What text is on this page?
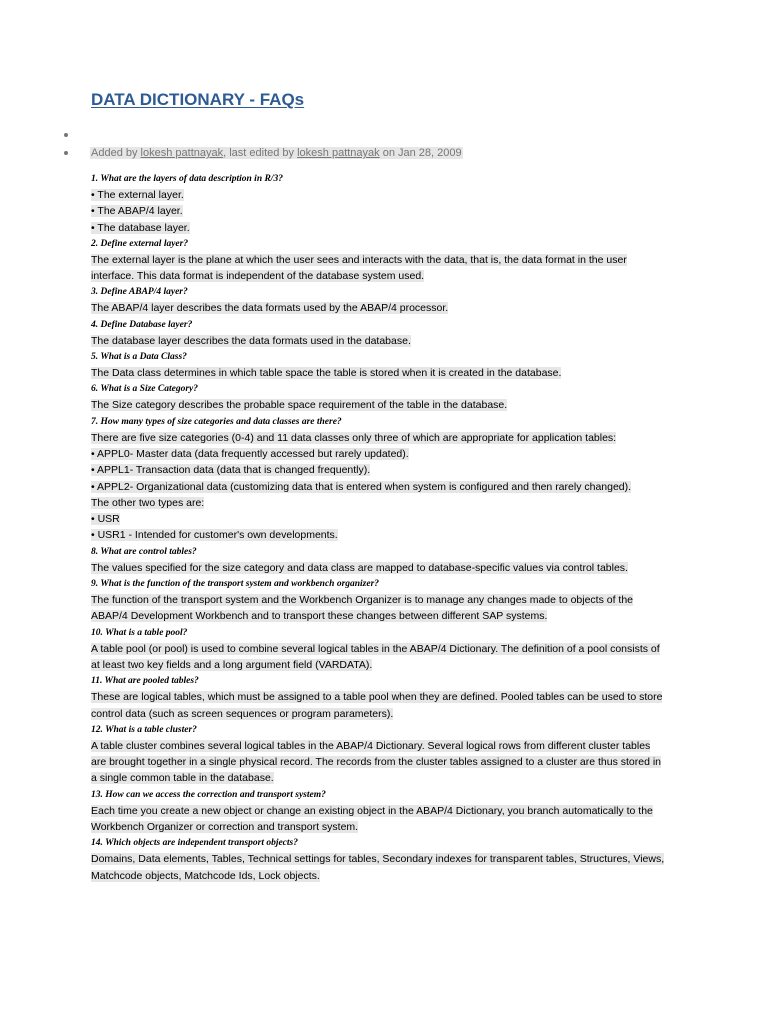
DATA DICTIONARY - FAQs
Added by lokesh pattnayak, last edited by lokesh pattnayak on Jan 28, 2009
1. What are the layers of data description in R/3?
• The external layer.
• The ABAP/4 layer.
• The database layer.
2. Define external layer?
The external layer is the plane at which the user sees and interacts with the data, that is, the data format in the user
interface. This data format is independent of the database system used.
3. Define ABAP/4 layer?
The ABAP/4 layer describes the data formats used by the ABAP/4 processor.
4. Define Database layer?
The database layer describes the data formats used in the database.
5. What is a Data Class?
The Data class determines in which table space the table is stored when it is created in the database.
6. What is a Size Category?
The Size category describes the probable space requirement of the table in the database.
7. How many types of size categories and data classes are there?
There are five size categories (0-4) and 11 data classes only three of which are appropriate for application tables:
• APPL0- Master data (data frequently accessed but rarely updated).
• APPL1- Transaction data (data that is changed frequently).
• APPL2- Organizational data (customizing data that is entered when system is configured and then rarely changed).
The other two types are:
• USR
• USR1 - Intended for customer's own developments.
8. What are control tables?
The values specified for the size category and data class are mapped to database-specific values via control tables.
9. What is the function of the transport system and workbench organizer?
The function of the transport system and the Workbench Organizer is to manage any changes made to objects of the
ABAP/4 Development Workbench and to transport these changes between different SAP systems.
10. What is a table pool?
A table pool (or pool) is used to combine several logical tables in the ABAP/4 Dictionary. The definition of a pool consists of
at least two key fields and a long argument field (VARDATA).
11. What are pooled tables?
These are logical tables, which must be assigned to a table pool when they are defined. Pooled tables can be used to store
control data (such as screen sequences or program parameters).
12. What is a table cluster?
A table cluster combines several logical tables in the ABAP/4 Dictionary. Several logical rows from different cluster tables
are brought together in a single physical record. The records from the cluster tables assigned to a cluster are thus stored in
a single common table in the database.
13. How can we access the correction and transport system?
Each time you create a new object or change an existing object in the ABAP/4 Dictionary, you branch automatically to the
Workbench Organizer or correction and transport system.
14. Which objects are independent transport objects?
Domains, Data elements, Tables, Technical settings for tables, Secondary indexes for transparent tables, Structures, Views,
Matchcode objects, Matchcode Ids, Lock objects.
